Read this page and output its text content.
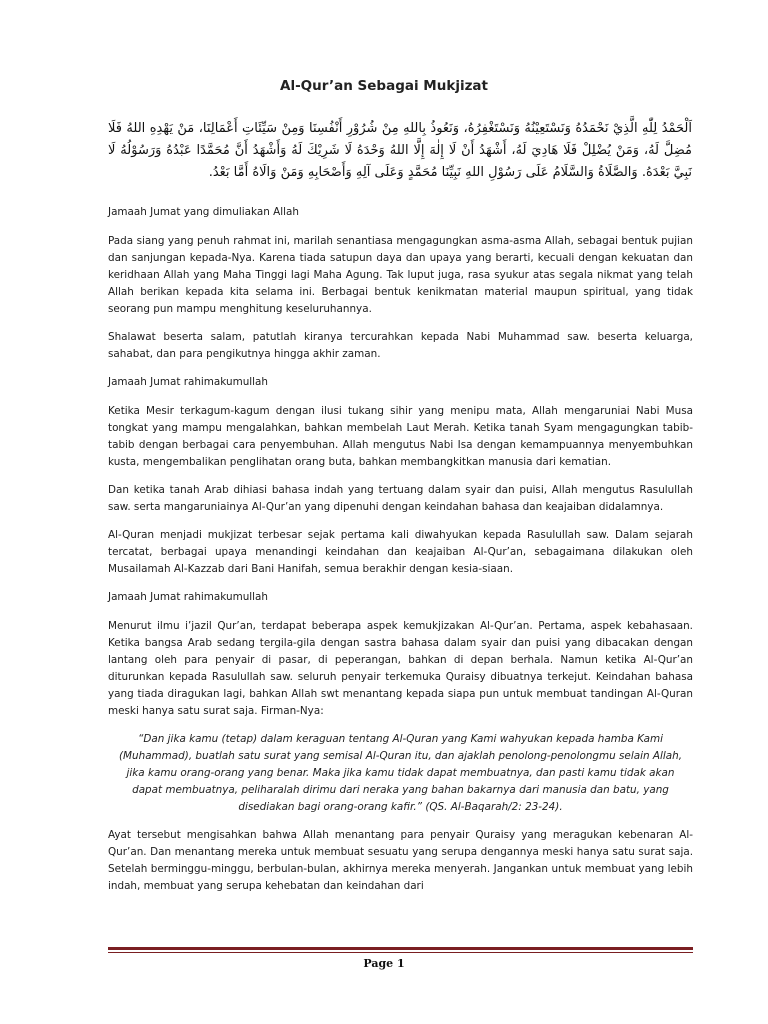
Al-Qur’an Sebagai Mukjizat
اَلْحَمْدُ لِلّٰهِ الَّذِيْ نَحْمَدُهُ وَنَسْتَعِيْنُهُ وَنَسْتَغْفِرُهُ، وَنَعُوذُ بِاللهِ مِنْ شُرُوْرِ أَنْفُسِنَا وَمِنْ سَيِّئَاتِ أَعْمَالِنَا، مَنْ يَهْدِهِ اللهُ فَلَا مُضِلَّ لَهُ، وَمَنْ يُضْلِلْ فَلَا هَادِيَ لَهُ، أَشْهَدُ أَنْ لَا إِلٰهَ إِلَّا اللهُ وَحْدَهُ لَا شَرِيْكَ لَهُ وَأَشْهَدُ أَنَّ مُحَمَّدًا عَبْدُهُ وَرَسُوْلُهُ لَا نَبِيَّ بَعْدَهُ. وَالصَّلَاةُ وَالسَّلَامُ عَلَى رَسُوْلِ اللهِ نَبِيِّنَا مُحَمَّدٍ وَعَلَى آلِهِ وَأَصْحَابِهِ وَمَنْ وَالَاهُ أَمَّا بَعْدُ.

Jamaah Jumat yang dimuliakan Allah

Pada siang yang penuh rahmat ini, marilah senantiasa mengagungkan asma-asma Allah, sebagai bentuk pujian dan sanjungan kepada-Nya. Karena tiada satupun daya dan upaya yang berarti, kecuali dengan kekuatan dan keridhaan Allah yang Maha Tinggi lagi Maha Agung. Tak luput juga, rasa syukur atas segala nikmat yang telah Allah berikan kepada kita selama ini. Berbagai bentuk kenikmatan material maupun spiritual, yang tidak seorang pun mampu menghitung keseluruhannya.

Shalawat beserta salam, patutlah kiranya tercurahkan kepada Nabi Muhammad saw. beserta keluarga, sahabat, dan para pengikutnya hingga akhir zaman.

Jamaah Jumat rahimakumullah

Ketika Mesir terkagum-kagum dengan ilusi tukang sihir yang menipu mata, Allah mengaruniai Nabi Musa tongkat yang mampu mengalahkan, bahkan membelah Laut Merah. Ketika tanah Syam mengagungkan tabib-tabib dengan berbagai cara penyembuhan. Allah mengutus Nabi Isa dengan kemampuannya menyembuhkan kusta, mengembalikan penglihatan orang buta, bahkan membangkitkan manusia dari kematian.

Dan ketika tanah Arab dihiasi bahasa indah yang tertuang dalam syair dan puisi, Allah mengutus Rasulullah saw. serta mangaruniainya Al-Qur’an yang dipenuhi dengan keindahan bahasa dan keajaiban didalamnya.

Al-Quran menjadi mukjizat terbesar sejak pertama kali diwahyukan kepada Rasulullah saw. Dalam sejarah tercatat, berbagai upaya menandingi keindahan dan keajaiban Al-Qur’an, sebagaimana dilakukan oleh Musailamah Al-Kazzab dari Bani Hanifah, semua berakhir dengan kesia-siaan.

Jamaah Jumat rahimakumullah

Menurut ilmu i’jazil Qur’an, terdapat beberapa aspek kemukjizakan Al-Qur’an. Pertama, aspek kebahasaan. Ketika bangsa Arab sedang tergila-gila dengan sastra bahasa dalam syair dan puisi yang dibacakan dengan lantang oleh para penyair di pasar, di peperangan, bahkan di depan berhala. Namun ketika Al-Qur’an diturunkan kepada Rasulullah saw. seluruh penyair terkemuka Quraisy dibuatnya terkejut. Keindahan bahasa yang tiada diragukan lagi, bahkan Allah swt menantang kepada siapa pun untuk membuat tandingan Al-Quran meski hanya satu surat saja. Firman-Nya:

“Dan jika kamu (tetap) dalam keraguan tentang Al-Quran yang Kami wahyukan kepada hamba Kami (Muhammad), buatlah satu surat yang semisal Al-Quran itu, dan ajaklah penolong-penolongmu selain Allah, jika kamu orang-orang yang benar. Maka jika kamu tidak dapat membuatnya, dan pasti kamu tidak akan dapat membuatnya, peliharalah dirimu dari neraka yang bahan bakarnya dari manusia dan batu, yang disediakan bagi orang-orang kafir.” (QS. Al-Baqarah/2: 23-24).

Ayat tersebut mengisahkan bahwa Allah menantang para penyair Quraisy yang meragukan kebenaran Al-Qur’an. Dan menantang mereka untuk membuat sesuatu yang serupa dengannya meski hanya satu surat saja. Setelah berminggu-minggu, berbulan-bulan, akhirnya mereka menyerah. Jangankan untuk membuat yang lebih indah, membuat yang serupa kehebatan dan keindahan dari

Page 1
